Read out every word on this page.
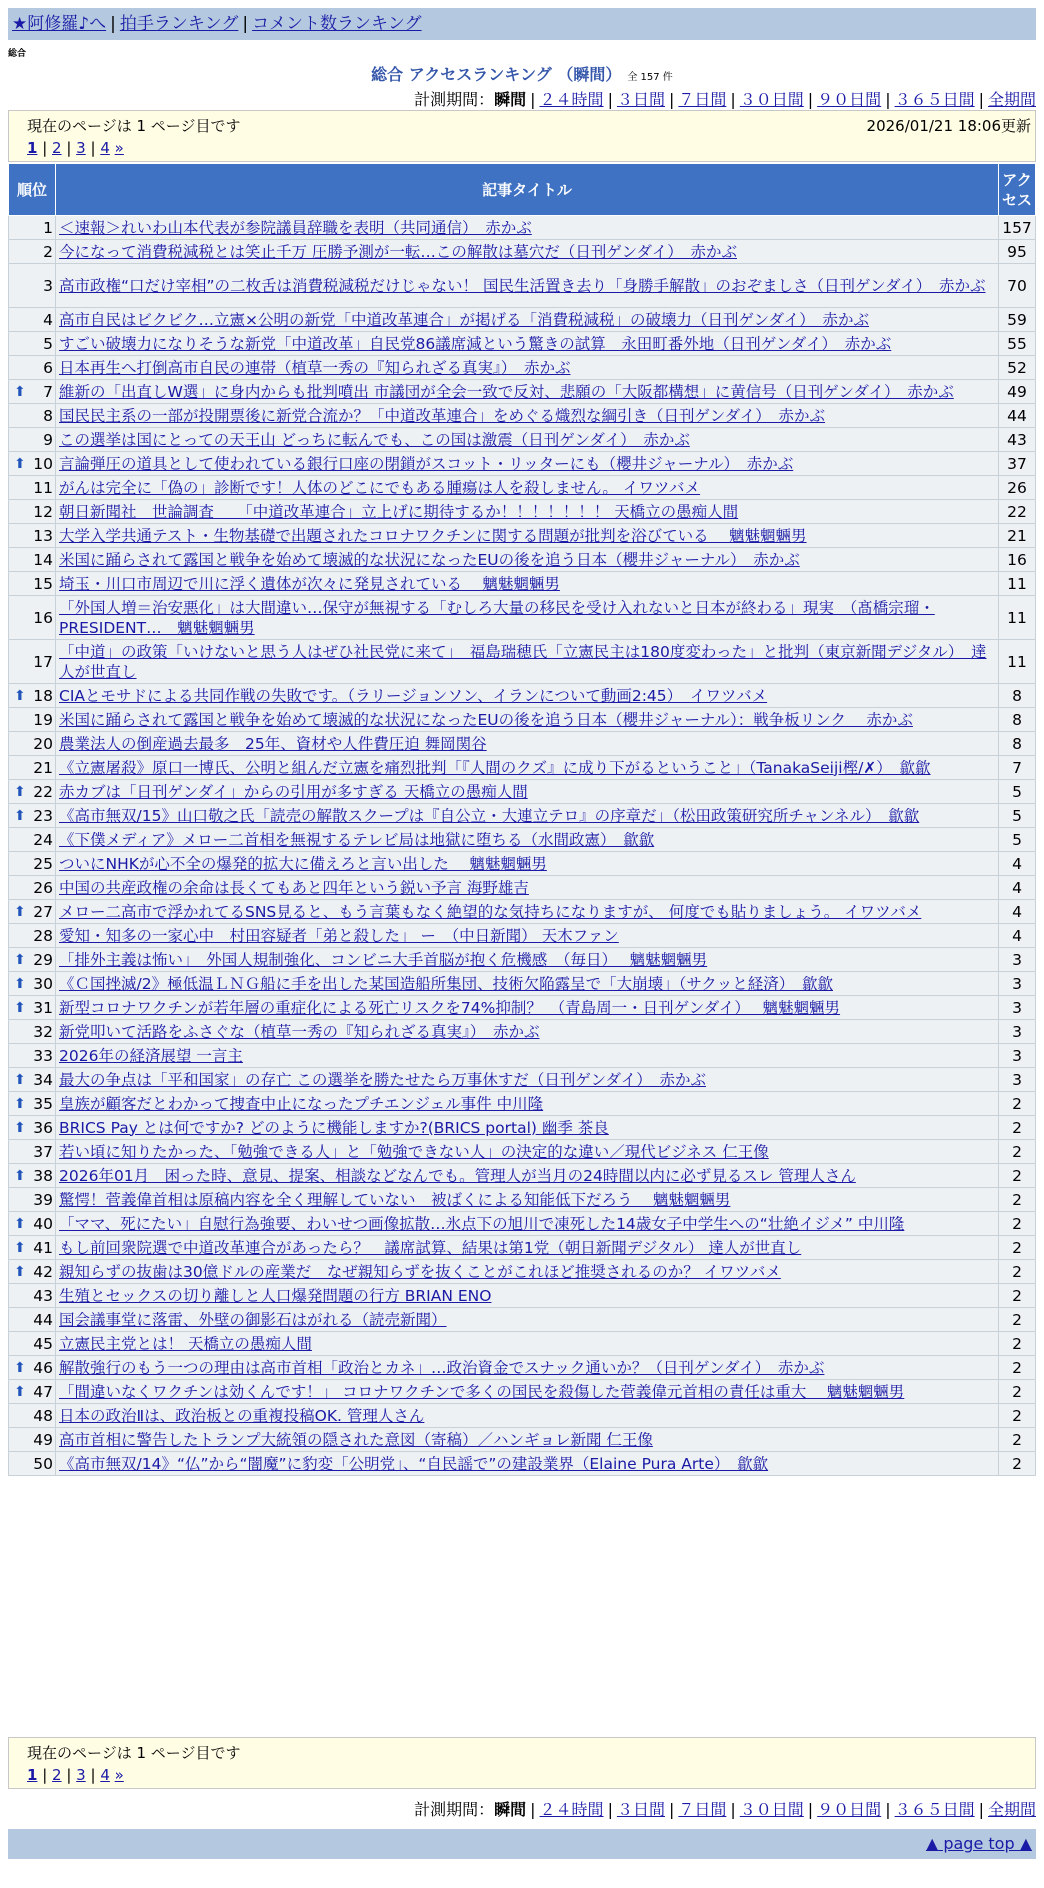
★阿修羅♪へ | 拍手ランキング | コメント数ランキング
総合
総合 アクセスランキング （瞬間） 全 157 件
計測期間：瞬間 | ２４時間 | ３日間 | ７日間 | ３０日間 | ９０日間 | ３６５日間 | 全期間
現在のページは 1 ページ目です	2026/01/21 18:06更新
1 | 2 | 3 | 4 »
順位	記事タイトル	アクセス
1	＜速報＞れいわ山本代表が参院議員辞職を表明（共同通信）　赤かぶ	157
2	今になって消費税減税とは笑止千万 圧勝予測が一転…この解散は墓穴だ（日刊ゲンダイ）　赤かぶ	95
3	高市政権“口だけ宰相”の二枚舌は消費税減税だけじゃない！ 国民生活置き去り「身勝手解散」のおぞましさ（日刊ゲンダイ）　赤かぶ	70
4	高市自民はビクビク…立憲×公明の新党「中道改革連合」が掲げる「消費税減税」の破壊力（日刊ゲンダイ）　赤かぶ	59
5	すごい破壊力になりそうな新党「中道改革」自民党86議席減という驚きの試算　永田町番外地（日刊ゲンダイ）　赤かぶ	55
6	日本再生へ打倒高市自民の連帯（植草一秀の『知られざる真実』）　赤かぶ	52

⬆ 7	維新の「出直しW選」に身内からも批判噴出 市議団が全会一致で反対、悲願の「大阪都構想」に黄信号（日刊ゲンダイ）　赤かぶ	49
8	国民民主系の一部が投開票後に新党合流か？「中道改革連合」をめぐる熾烈な綱引き（日刊ゲンダイ）　赤かぶ	44
9	この選挙は国にとっての天王山 どっちに転んでも、この国は激震（日刊ゲンダイ）　赤かぶ	43

⬆ 10	言論弾圧の道具として使われている銀行口座の閉鎖がスコット・リッターにも（櫻井ジャーナル）　赤かぶ	37
11	がんは完全に「偽の」診断です！人体のどこにでもある腫瘍は人を殺しません。 イワツバメ	26
12	朝日新聞社　世論調査　　「中道改革連合」立上げに期待するか！！！！！！！ 天橋立の愚痴人間	22
13	大学入学共通テスト・生物基礎で出題されたコロナワクチンに関する問題が批判を浴びている　 魑魅魍魎男	21
14	米国に踊らされて露国と戦争を始めて壊滅的な状況になったEUの後を追う日本（櫻井ジャーナル）　赤かぶ	16
15	埼玉・川口市周辺で川に浮く遺体が次々に発見されている　 魑魅魍魎男	11
16	「外国人増＝治安悪化」は大間違い…保守が無視する「むしろ大量の移民を受け入れないと日本が終わる」現実　（髙橋宗瑠・PRESIDENT…　魑魅魍魎男	11
17	「中道」の政策「いけないと思う人はぜひ社民党に来て」　福島瑞穂氏「立憲民主は180度変わった」と批判（東京新聞デジタル）　達人が世直し	11

⬆ 18	CIAとモサドによる共同作戦の失敗です。（ラリージョンソン、イランについて動画2:45）　イワツバメ	8
19	米国に踊らされて露国と戦争を始めて壊滅的な状況になったEUの後を追う日本（櫻井ジャーナル）：戦争板リンク　 赤かぶ	8
20	農業法人の倒産過去最多　25年、資材や人件費圧迫 舞岡関谷	8
21	《立憲屠殺》原口一博氏、公明と組んだ立憲を痛烈批判「『人間のクズ』に成り下がるということ」（TanakaSeiji樫/✗）　歙歙	7

⬆ 22	赤カブは「日刊ゲンダイ」からの引用が多すぎる 天橋立の愚痴人間	5

⬆ 23	《高市無双/15》山口敬之氏「読売の解散スクープは『自公立・大連立テロ』の序章だ」（松田政策研究所チャンネル）　歙歙	5
24	《下僕メディア》メロー二首相を無視するテレビ局は地獄に堕ちる（水間政憲）　歙歙	5
25	ついにNHKが心不全の爆発的拡大に備えろと言い出した　 魑魅魍魎男	4
26	中国の共産政権の余命は長くてもあと四年という鋭い予言 海野雄吉	4

⬆ 27	メロー二高市で浮かれてるSNS見ると、もう言葉もなく絶望的な気持ちになりますが、 何度でも貼りましょう。 イワツバメ	4
28	愛知・知多の一家心中　村田容疑者「弟と殺した」 ー　（中日新聞） 天木ファン	4

⬆ 29	「排外主義は怖い」　外国人規制強化、コンビニ大手首脳が抱く危機感　（毎日）　 魑魅魍魎男	3

⬆ 30	《Ｃ国挫滅/2》極低温ＬＮＧ船に手を出した某国造船所集団、技術欠陥露呈で「大崩壊」（サクッと経済）　歙歙	3

⬆ 31	新型コロナワクチンが若年層の重症化による死亡リスクを74%抑制？　（青島周一・日刊ゲンダイ）　 魑魅魍魎男	3
32	新党叩いて活路をふさぐな（植草一秀の『知られざる真実』）　赤かぶ	3
33	2026年の経済展望 一言主	3

⬆ 34	最大の争点は「平和国家」の存亡 この選挙を勝たせたら万事休すだ（日刊ゲンダイ）　赤かぶ	3

⬆ 35	皇族が顧客だとわかって捜査中止になったプチエンジェル事件 中川隆	2

⬆ 36	BRICS Pay とは何ですか? どのように機能しますか?(BRICS portal) 幽季 茶良	2
37	若い頃に知りたかった、「勉強できる人」と「勉強できない人」の決定的な違い／現代ビジネス 仁王像	2

⬆ 38	2026年01月　困った時、意見、提案、相談などなんでも。管理人が当月の24時間以内に必ず見るスレ 管理人さん	2
39	驚愕！菅義偉首相は原稿内容を全く理解していない　被ばくによる知能低下だろう　 魑魅魍魎男	2

⬆ 40	「ママ、死にたい」自慰行為強要、わいせつ画像拡散…氷点下の旭川で凍死した14歳女子中学生への“壮絶イジメ” 中川隆	2

⬆ 41	もし前回衆院選で中道改革連合があったら？　議席試算、結果は第1党（朝日新聞デジタル） 達人が世直し	2

⬆ 42	親知らずの抜歯は30億ドルの産業だ　なぜ親知らずを抜くことがこれほど推奨されるのか？ イワツバメ	2
43	生殖とセックスの切り離しと人口爆発問題の行方 BRIAN ENO	2
44	国会議事堂に落雷、外壁の御影石はがれる（読売新聞）	2
45	立憲民主党とは！ 天橋立の愚痴人間	2

⬆ 46	解散強行のもう一つの理由は高市首相「政治とカネ」…政治資金でスナック通いか？（日刊ゲンダイ）　赤かぶ	2

⬆ 47	「間違いなくワクチンは効くんです！」 コロナワクチンで多くの国民を殺傷した菅義偉元首相の責任は重大　 魑魅魍魎男	2
48	日本の政治Ⅱは、政治板との重複投稿OK. 管理人さん	2
49	高市首相に警告したトランプ大統領の隠された意図（寄稿）／ハンギョレ新聞 仁王像	2
50	《高市無双/14》“仏”から“闇魔”に豹変「公明党」、“自民謡で”の建設業界（Elaine Pura Arte）　歙歙	2
現在のページは 1 ページ目です
1 | 2 | 3 | 4 »
計測期間：瞬間 | ２４時間 | ３日間 | ７日間 | ３０日間 | ９０日間 | ３６５日間 | 全期間
▲ page top ▲
